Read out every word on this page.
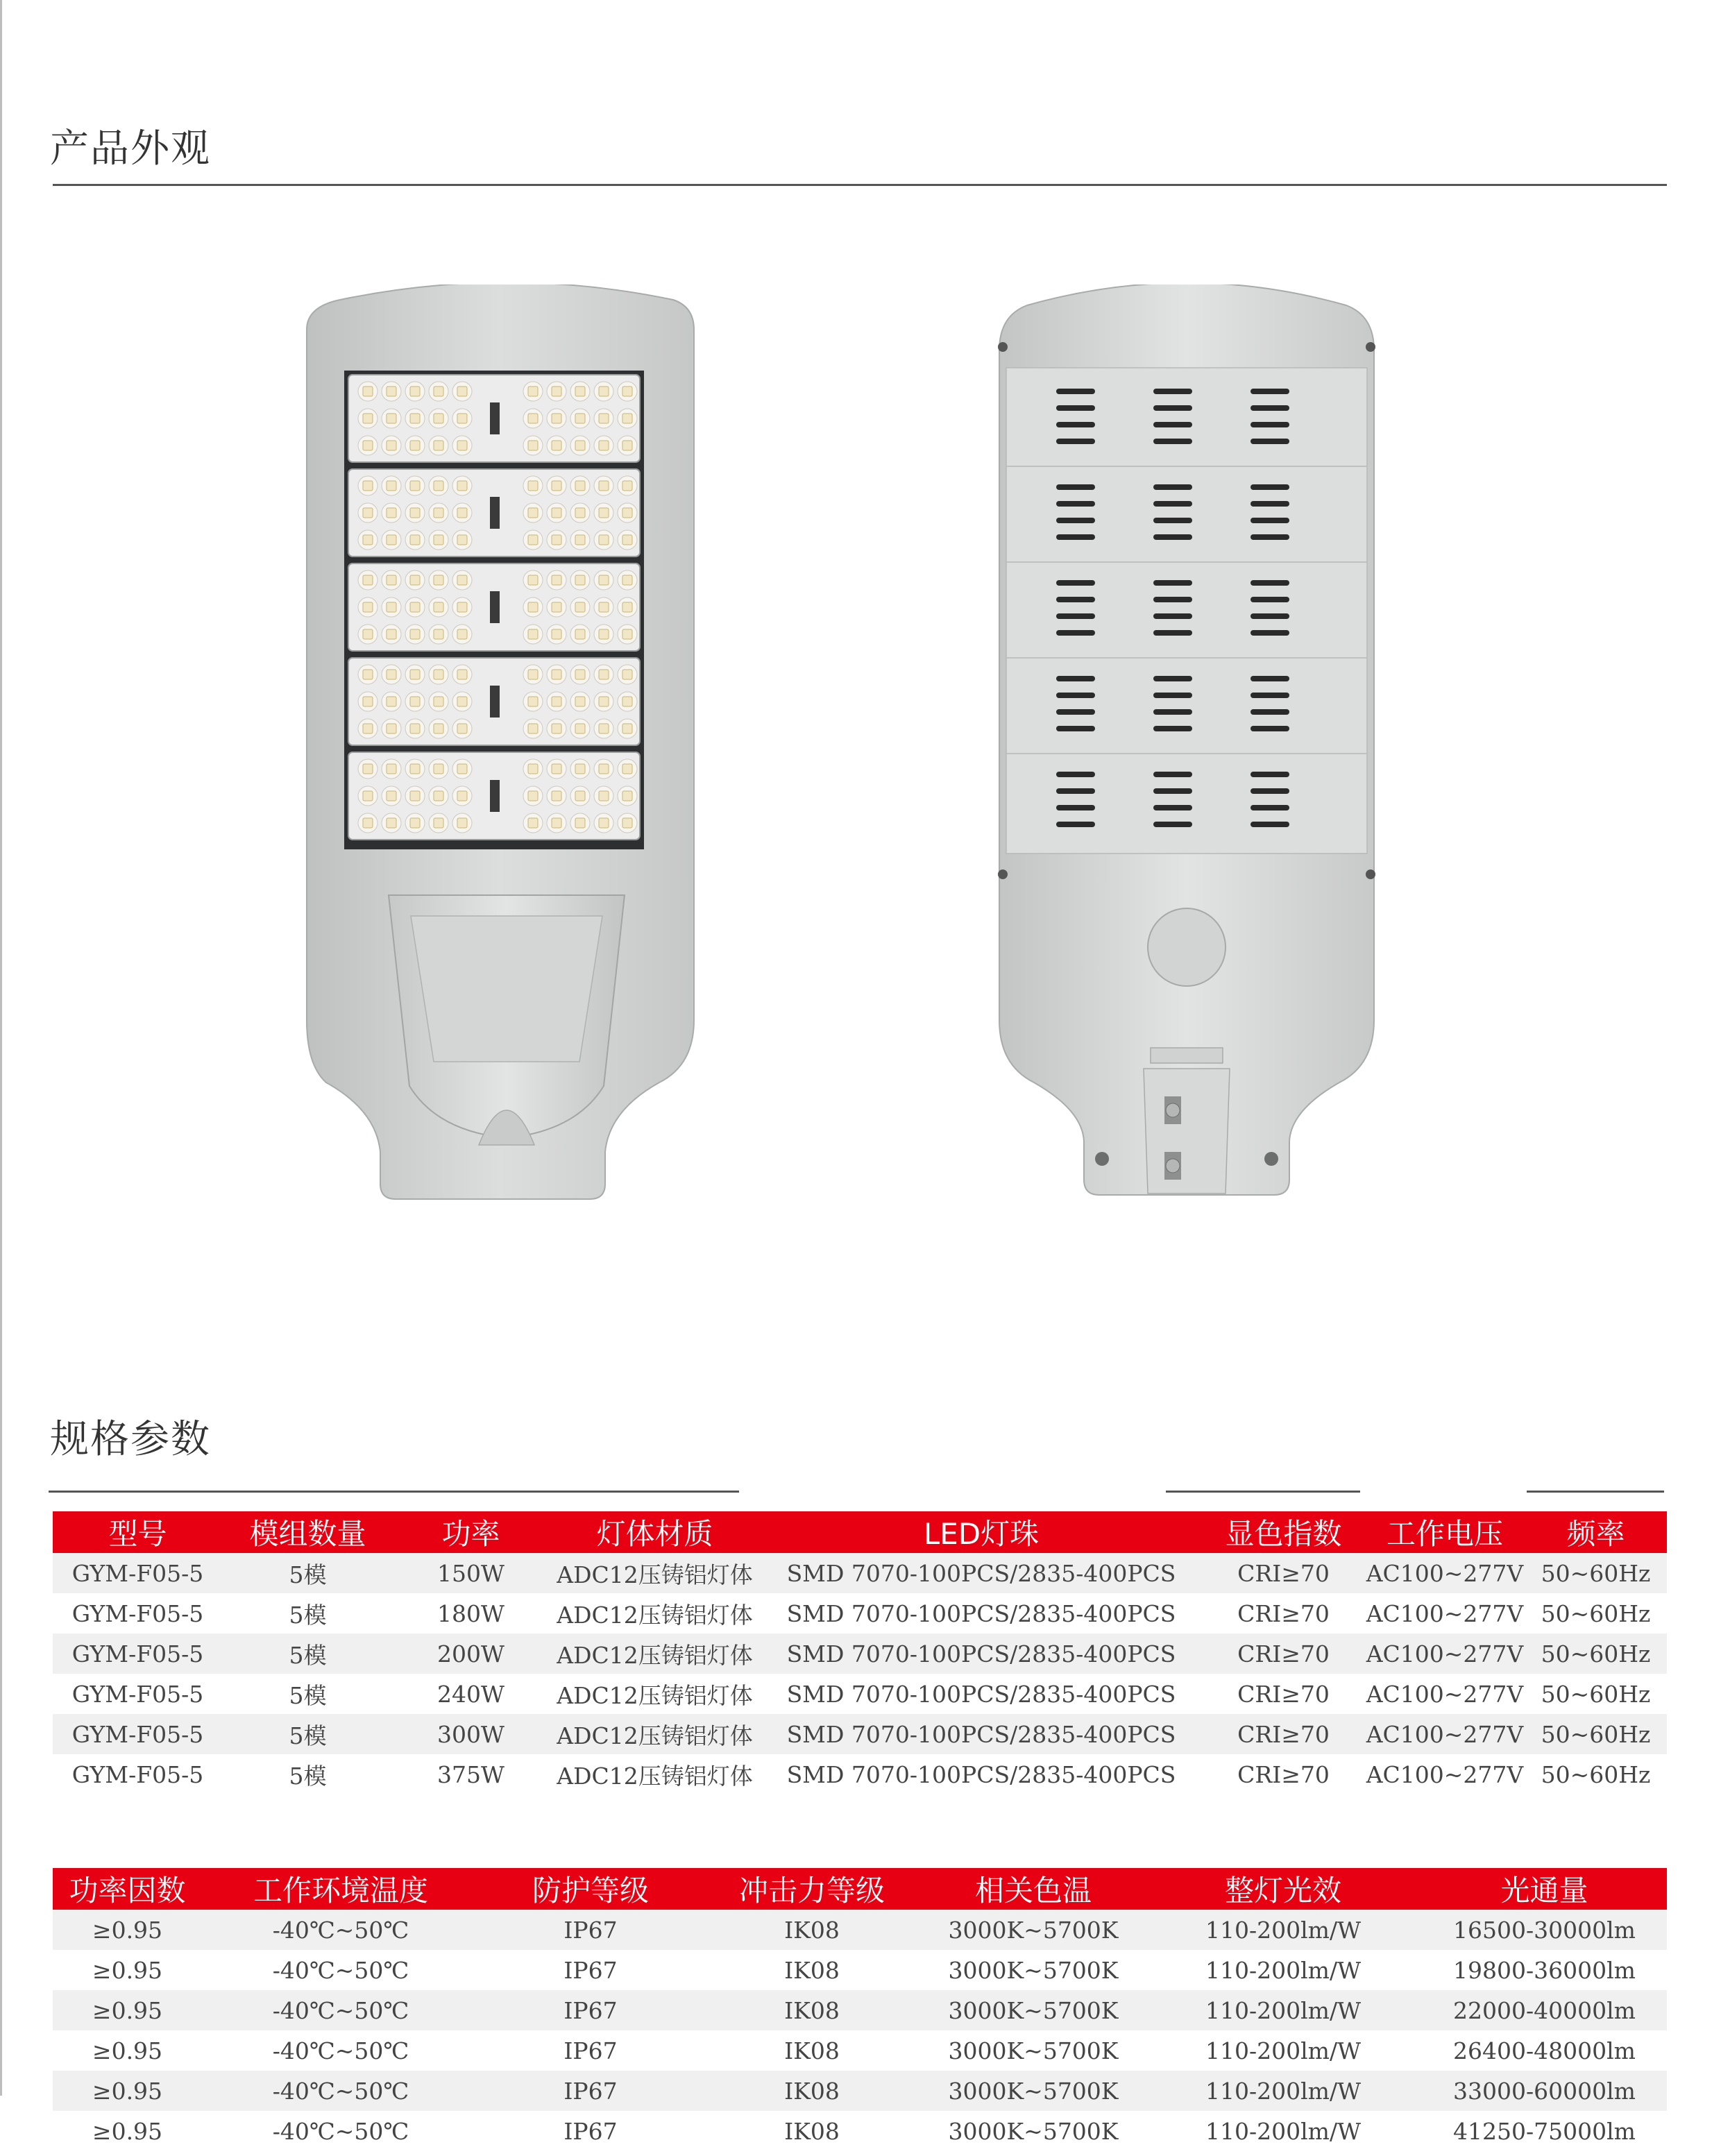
产品外观
规格参数
型号	模组数量	功率	灯体材质	LED灯珠	显色指数	工作电压	频率
GYM-F05-5	5模	150W	ADC12压铸铝灯体	SMD 7070-100PCS/2835-400PCS	CRI≥70	AC100~277V	50~60Hz
GYM-F05-5	5模	180W	ADC12压铸铝灯体	SMD 7070-100PCS/2835-400PCS	CRI≥70	AC100~277V	50~60Hz
GYM-F05-5	5模	200W	ADC12压铸铝灯体	SMD 7070-100PCS/2835-400PCS	CRI≥70	AC100~277V	50~60Hz
GYM-F05-5	5模	240W	ADC12压铸铝灯体	SMD 7070-100PCS/2835-400PCS	CRI≥70	AC100~277V	50~60Hz
GYM-F05-5	5模	300W	ADC12压铸铝灯体	SMD 7070-100PCS/2835-400PCS	CRI≥70	AC100~277V	50~60Hz
GYM-F05-5	5模	375W	ADC12压铸铝灯体	SMD 7070-100PCS/2835-400PCS	CRI≥70	AC100~277V	50~60Hz
功率因数	工作环境温度	防护等级	冲击力等级	相关色温	整灯光效	光通量
≥0.95	-40℃~50℃	IP67	IK08	3000K~5700K	110-200lm/W	16500-30000lm
≥0.95	-40℃~50℃	IP67	IK08	3000K~5700K	110-200lm/W	19800-36000lm
≥0.95	-40℃~50℃	IP67	IK08	3000K~5700K	110-200lm/W	22000-40000lm
≥0.95	-40℃~50℃	IP67	IK08	3000K~5700K	110-200lm/W	26400-48000lm
≥0.95	-40℃~50℃	IP67	IK08	3000K~5700K	110-200lm/W	33000-60000lm
≥0.95	-40℃~50℃	IP67	IK08	3000K~5700K	110-200lm/W	41250-75000lm
